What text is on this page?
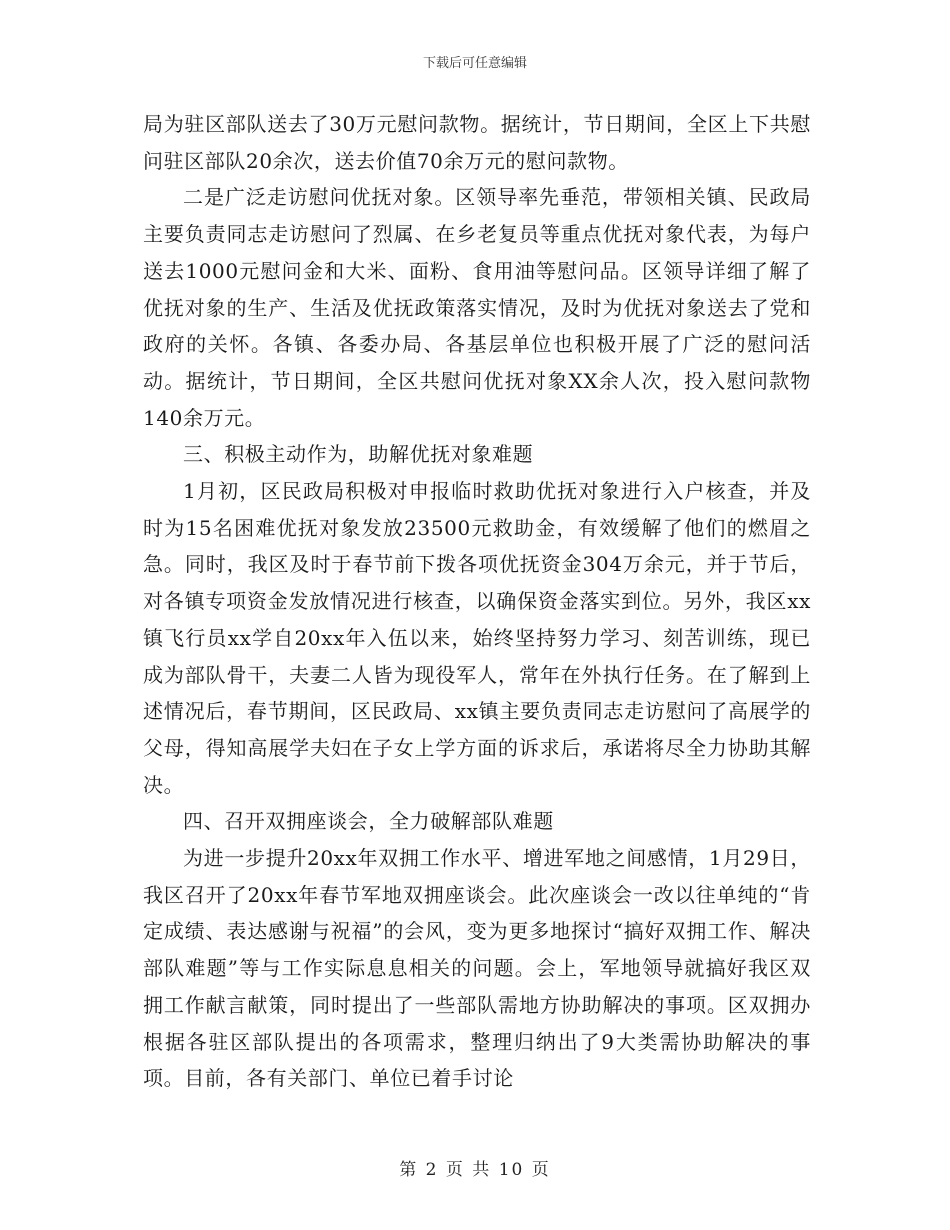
下载后可任意编辑

局为驻区部队送去了30万元慰问款物。据统计，节日期间，全区上下共慰问驻区部队20余次，送去价值70余万元的慰问款物。

二是广泛走访慰问优抚对象。区领导率先垂范，带领相关镇、民政局主要负责同志走访慰问了烈属、在乡老复员等重点优抚对象代表，为每户送去1000元慰问金和大米、面粉、食用油等慰问品。区领导详细了解了优抚对象的生产、生活及优抚政策落实情况，及时为优抚对象送去了党和政府的关怀。各镇、各委办局、各基层单位也积极开展了广泛的慰问活动。据统计，节日期间，全区共慰问优抚对象XX余人次，投入慰问款物140余万元。

三、积极主动作为，助解优抚对象难题

1月初，区民政局积极对申报临时救助优抚对象进行入户核查，并及时为15名困难优抚对象发放23500元救助金，有效缓解了他们的燃眉之急。同时，我区及时于春节前下拨各项优抚资金304万余元，并于节后，对各镇专项资金发放情况进行核查，以确保资金落实到位。另外，我区xx镇飞行员xx学自20xx年入伍以来，始终坚持努力学习、刻苦训练，现已成为部队骨干，夫妻二人皆为现役军人，常年在外执行任务。在了解到上述情况后，春节期间，区民政局、xx镇主要负责同志走访慰问了高展学的父母，得知高展学夫妇在子女上学方面的诉求后，承诺将尽全力协助其解决。

四、召开双拥座谈会，全力破解部队难题

为进一步提升20xx年双拥工作水平、增进军地之间感情，1月29日，我区召开了20xx年春节军地双拥座谈会。此次座谈会一改以往单纯的“肯定成绩、表达感谢与祝福”的会风，变为更多地探讨“搞好双拥工作、解决部队难题”等与工作实际息息相关的问题。会上，军地领导就搞好我区双拥工作献言献策，同时提出了一些部队需地方协助解决的事项。区双拥办根据各驻区部队提出的各项需求，整理归纳出了9大类需协助解决的事项。目前，各有关部门、单位已着手讨论

第 2 页 共 10 页
